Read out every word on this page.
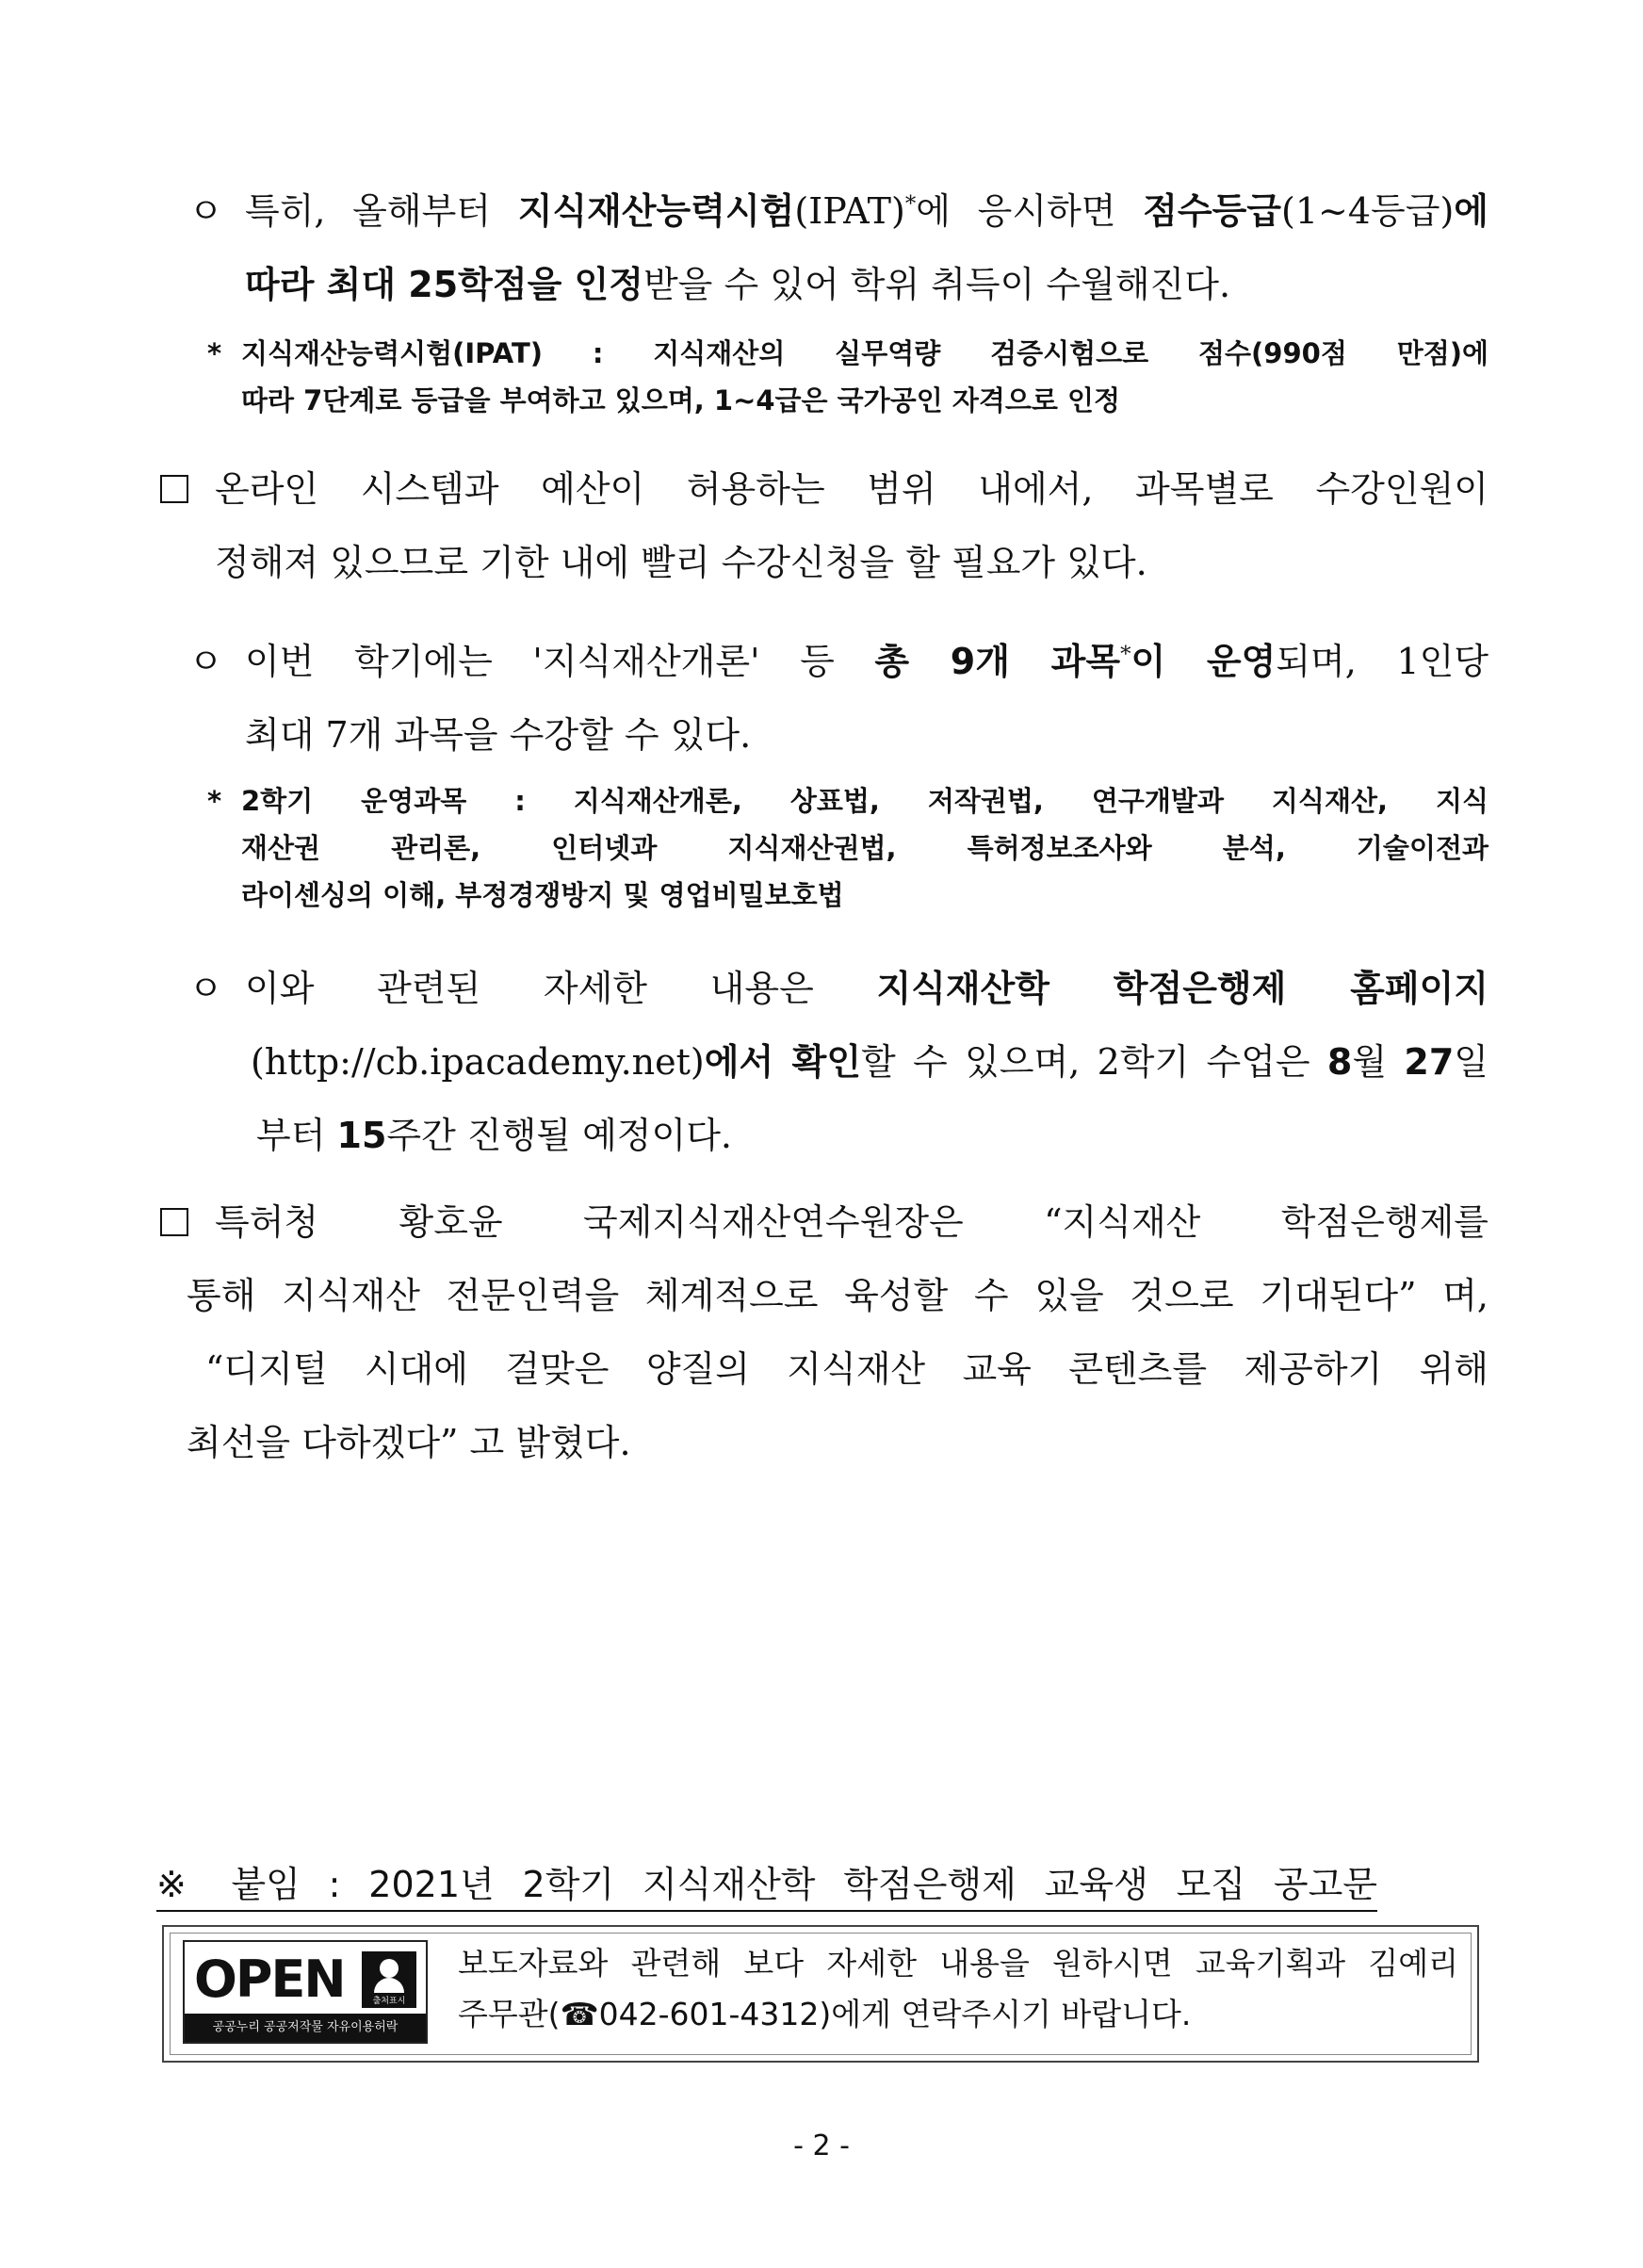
ㅇ 특히, 올해부터 지식재산능력시험(IPAT)*에 응시하면 점수등급(1~4등급)에
따라 최대 25학점을 인정받을 수 있어 학위 취득이 수월해진다.
* 지식재산능력시험(IPAT) : 지식재산의 실무역량 검증시험으로 점수(990점 만점)에
따라 7단계로 등급을 부여하고 있으며, 1~4급은 국가공인 자격으로 인정
온라인 시스템과 예산이 허용하는 범위 내에서, 과목별로 수강인원이
정해져 있으므로 기한 내에 빨리 수강신청을 할 필요가 있다.
ㅇ 이번 학기에는 '지식재산개론' 등 총 9개 과목*이 운영되며, 1인당
최대 7개 과목을 수강할 수 있다.
* 2학기 운영과목 : 지식재산개론, 상표법, 저작권법, 연구개발과 지식재산, 지식
재산권 관리론, 인터넷과 지식재산권법, 특허정보조사와 분석, 기술이전과
라이센싱의 이해, 부정경쟁방지 및 영업비밀보호법
ㅇ 이와 관련된 자세한 내용은 지식재산학 학점은행제 홈페이지
(http://cb.ipacademy.net)에서 확인할 수 있으며, 2학기 수업은 8월 27일
부터 15주간 진행될 예정이다.
특허청 황호윤 국제지식재산연수원장은 “지식재산 학점은행제를
통해 지식재산 전문인력을 체계적으로 육성할 수 있을 것으로 기대된다” 며,
“디지털 시대에 걸맞은 양질의 지식재산 교육 콘텐츠를 제공하기 위해
최선을 다하겠다” 고 밝혔다.
※ 붙임 : 2021년 2학기 지식재산학 학점은행제 교육생 모집 공고문
OPEN	출처표시
공공누리 공공저작물 자유이용허락
보도자료와 관련해 보다 자세한 내용을 원하시면 교육기획과 김예리
주무관(☎042-601-4312)에게 연락주시기 바랍니다.
- 2 -
